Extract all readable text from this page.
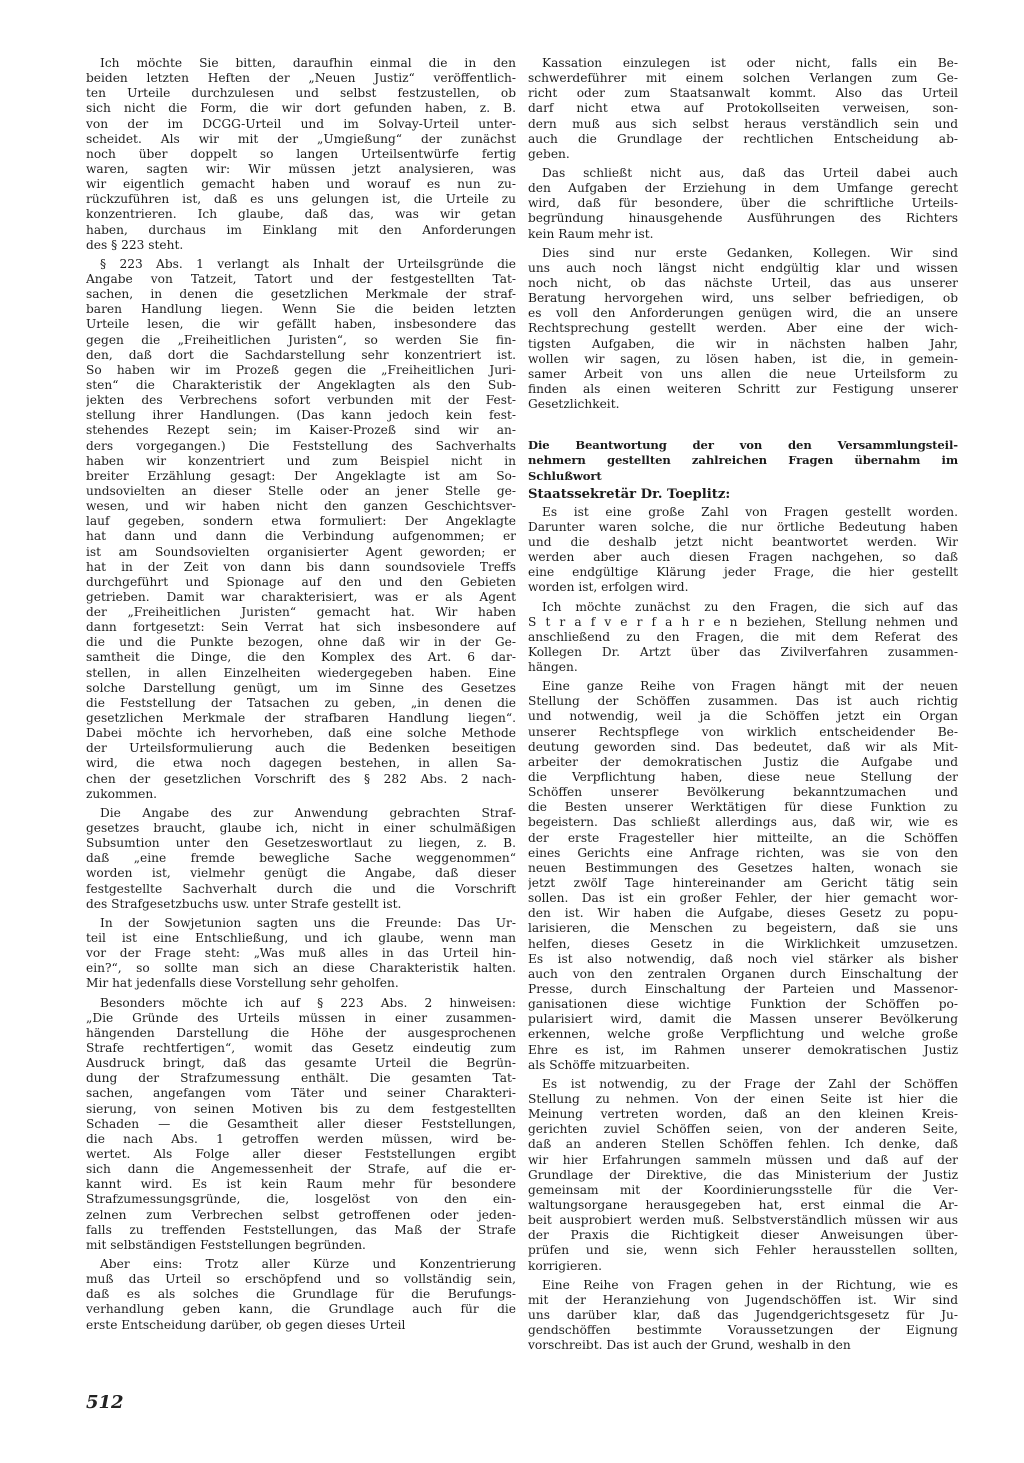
Ich möchte Sie bitten, daraufhin einmal die in den
beiden letzten Heften der „Neuen Justiz“ veröffentlich-
ten Urteile durchzulesen und selbst festzustellen, ob
sich nicht die Form, die wir dort gefunden haben, z. B.
von der im DCGG-Urteil und im Solvay-Urteil unter-
scheidet. Als wir mit der „Umgießung“ der zunächst
noch über doppelt so langen Urteilsentwürfe fertig
waren, sagten wir: Wir müssen jetzt analysieren, was
wir eigentlich gemacht haben und worauf es nun zu-
rückzuführen ist, daß es uns gelungen ist, die Urteile zu
konzentrieren. Ich glaube, daß das, was wir getan
haben, durchaus im Einklang mit den Anforderungen
des § 223 steht.
§ 223 Abs. 1 verlangt als Inhalt der Urteilsgründe die
Angabe von Tatzeit, Tatort und der festgestellten Tat-
sachen, in denen die gesetzlichen Merkmale der straf-
baren Handlung liegen. Wenn Sie die beiden letzten
Urteile lesen, die wir gefällt haben, insbesondere das
gegen die „Freiheitlichen Juristen“, so werden Sie fin-
den, daß dort die Sachdarstellung sehr konzentriert ist.
So haben wir im Prozeß gegen die „Freiheitlichen Juri-
sten“ die Charakteristik der Angeklagten als den Sub-
jekten des Verbrechens sofort verbunden mit der Fest-
stellung ihrer Handlungen. (Das kann jedoch kein fest-
stehendes Rezept sein; im Kaiser-Prozeß sind wir an-
ders vorgegangen.) Die Feststellung des Sachverhalts
haben wir konzentriert und zum Beispiel nicht in
breiter Erzählung gesagt: Der Angeklagte ist am So-
undsovielten an dieser Stelle oder an jener Stelle ge-
wesen, und wir haben nicht den ganzen Geschichtsver-
lauf gegeben, sondern etwa formuliert: Der Angeklagte
hat dann und dann die Verbindung aufgenommen; er
ist am Soundsovielten organisierter Agent geworden; er
hat in der Zeit von dann bis dann soundsoviele Treffs
durchgeführt und Spionage auf den und den Gebieten
getrieben. Damit war charakterisiert, was er als Agent
der „Freiheitlichen Juristen“ gemacht hat. Wir haben
dann fortgesetzt: Sein Verrat hat sich insbesondere auf
die und die Punkte bezogen, ohne daß wir in der Ge-
samtheit die Dinge, die den Komplex des Art. 6 dar-
stellen, in allen Einzelheiten wiedergegeben haben. Eine
solche Darstellung genügt, um im Sinne des Gesetzes
die Feststellung der Tatsachen zu geben, „in denen die
gesetzlichen Merkmale der strafbaren Handlung liegen“.
Dabei möchte ich hervorheben, daß eine solche Methode
der Urteilsformulierung auch die Bedenken beseitigen
wird, die etwa noch dagegen bestehen, in allen Sa-
chen der gesetzlichen Vorschrift des § 282 Abs. 2 nach-
zukommen.
Die Angabe des zur Anwendung gebrachten Straf-
gesetzes braucht, glaube ich, nicht in einer schulmäßigen
Subsumtion unter den Gesetzeswortlaut zu liegen, z. B.
daß „eine fremde bewegliche Sache weggenommen“
worden ist, vielmehr genügt die Angabe, daß dieser
festgestellte Sachverhalt durch die und die Vorschrift
des Strafgesetzbuchs usw. unter Strafe gestellt ist.
In der Sowjetunion sagten uns die Freunde: Das Ur-
teil ist eine Entschließung, und ich glaube, wenn man
vor der Frage steht: „Was muß alles in das Urteil hin-
ein?“, so sollte man sich an diese Charakteristik halten.
Mir hat jedenfalls diese Vorstellung sehr geholfen.
Besonders möchte ich auf § 223 Abs. 2 hinweisen:
„Die Gründe des Urteils müssen in einer zusammen-
hängenden Darstellung die Höhe der ausgesprochenen
Strafe rechtfertigen“, womit das Gesetz eindeutig zum
Ausdruck bringt, daß das gesamte Urteil die Begrün-
dung der Strafzumessung enthält. Die gesamten Tat-
sachen, angefangen vom Täter und seiner Charakteri-
sierung, von seinen Motiven bis zu dem festgestellten
Schaden — die Gesamtheit aller dieser Feststellungen,
die nach Abs. 1 getroffen werden müssen, wird be-
wertet. Als Folge aller dieser Feststellungen ergibt
sich dann die Angemessenheit der Strafe, auf die er-
kannt wird. Es ist kein Raum mehr für besondere
Strafzumessungsgründe, die, losgelöst von den ein-
zelnen zum Verbrechen selbst getroffenen oder jeden-
falls zu treffenden Feststellungen, das Maß der Strafe
mit selbständigen Feststellungen begründen.
Aber eins: Trotz aller Kürze und Konzentrierung
muß das Urteil so erschöpfend und so vollständig sein,
daß es als solches die Grundlage für die Berufungs-
verhandlung geben kann, die Grundlage auch für die
erste Entscheidung darüber, ob gegen dieses Urteil
Kassation einzulegen ist oder nicht, falls ein Be-
schwerdeführer mit einem solchen Verlangen zum Ge-
richt oder zum Staatsanwalt kommt. Also das Urteil
darf nicht etwa auf Protokollseiten verweisen, son-
dern muß aus sich selbst heraus verständlich sein und
auch die Grundlage der rechtlichen Entscheidung ab-
geben.
Das schließt nicht aus, daß das Urteil dabei auch
den Aufgaben der Erziehung in dem Umfange gerecht
wird, daß für besondere, über die schriftliche Urteils-
begründung hinausgehende Ausführungen des Richters
kein Raum mehr ist.
Dies sind nur erste Gedanken, Kollegen. Wir sind
uns auch noch längst nicht endgültig klar und wissen
noch nicht, ob das nächste Urteil, das aus unserer
Beratung hervorgehen wird, uns selber befriedigen, ob
es voll den Anforderungen genügen wird, die an unsere
Rechtsprechung gestellt werden. Aber eine der wich-
tigsten Aufgaben, die wir in nächsten halben Jahr,
wollen wir sagen, zu lösen haben, ist die, in gemein-
samer Arbeit von uns allen die neue Urteilsform zu
finden als einen weiteren Schritt zur Festigung unserer
Gesetzlichkeit.
Die Beantwortung der von den Versammlungsteil-
nehmern gestellten zahlreichen Fragen übernahm im
Schlußwort
Staatssekretär Dr. Toeplitz:
Es ist eine große Zahl von Fragen gestellt worden.
Darunter waren solche, die nur örtliche Bedeutung haben
und die deshalb jetzt nicht beantwortet werden. Wir
werden aber auch diesen Fragen nachgehen, so daß
eine endgültige Klärung jeder Frage, die hier gestellt
worden ist, erfolgen wird.
Ich möchte zunächst zu den Fragen, die sich auf das
S t r a f v e r f a h r e n beziehen, Stellung nehmen und
anschließend zu den Fragen, die mit dem Referat des
Kollegen Dr. Artzt über das Zivilverfahren zusammen-
hängen.
Eine ganze Reihe von Fragen hängt mit der neuen
Stellung der Schöffen zusammen. Das ist auch richtig
und notwendig, weil ja die Schöffen jetzt ein Organ
unserer Rechtspflege von wirklich entscheidender Be-
deutung geworden sind. Das bedeutet, daß wir als Mit-
arbeiter der demokratischen Justiz die Aufgabe und
die Verpflichtung haben, diese neue Stellung der
Schöffen unserer Bevölkerung bekanntzumachen und
die Besten unserer Werktätigen für diese Funktion zu
begeistern. Das schließt allerdings aus, daß wir, wie es
der erste Fragesteller hier mitteilte, an die Schöffen
eines Gerichts eine Anfrage richten, was sie von den
neuen Bestimmungen des Gesetzes halten, wonach sie
jetzt zwölf Tage hintereinander am Gericht tätig sein
sollen. Das ist ein großer Fehler, der hier gemacht wor-
den ist. Wir haben die Aufgabe, dieses Gesetz zu popu-
larisieren, die Menschen zu begeistern, daß sie uns
helfen, dieses Gesetz in die Wirklichkeit umzusetzen.
Es ist also notwendig, daß noch viel stärker als bisher
auch von den zentralen Organen durch Einschaltung der
Presse, durch Einschaltung der Parteien und Massenor-
ganisationen diese wichtige Funktion der Schöffen po-
pularisiert wird, damit die Massen unserer Bevölkerung
erkennen, welche große Verpflichtung und welche große
Ehre es ist, im Rahmen unserer demokratischen Justiz
als Schöffe mitzuarbeiten.
Es ist notwendig, zu der Frage der Zahl der Schöffen
Stellung zu nehmen. Von der einen Seite ist hier die
Meinung vertreten worden, daß an den kleinen Kreis-
gerichten zuviel Schöffen seien, von der anderen Seite,
daß an anderen Stellen Schöffen fehlen. Ich denke, daß
wir hier Erfahrungen sammeln müssen und daß auf der
Grundlage der Direktive, die das Ministerium der Justiz
gemeinsam mit der Koordinierungsstelle für die Ver-
waltungsorgane herausgegeben hat, erst einmal die Ar-
beit ausprobiert werden muß. Selbstverständlich müssen wir aus
der Praxis die Richtigkeit dieser Anweisungen über-
prüfen und sie, wenn sich Fehler herausstellen sollten,
korrigieren.
Eine Reihe von Fragen gehen in der Richtung, wie es
mit der Heranziehung von Jugendschöffen ist. Wir sind
uns darüber klar, daß das Jugendgerichtsgesetz für Ju-
gendschöffen bestimmte Voraussetzungen der Eignung
vorschreibt. Das ist auch der Grund, weshalb in den
512
